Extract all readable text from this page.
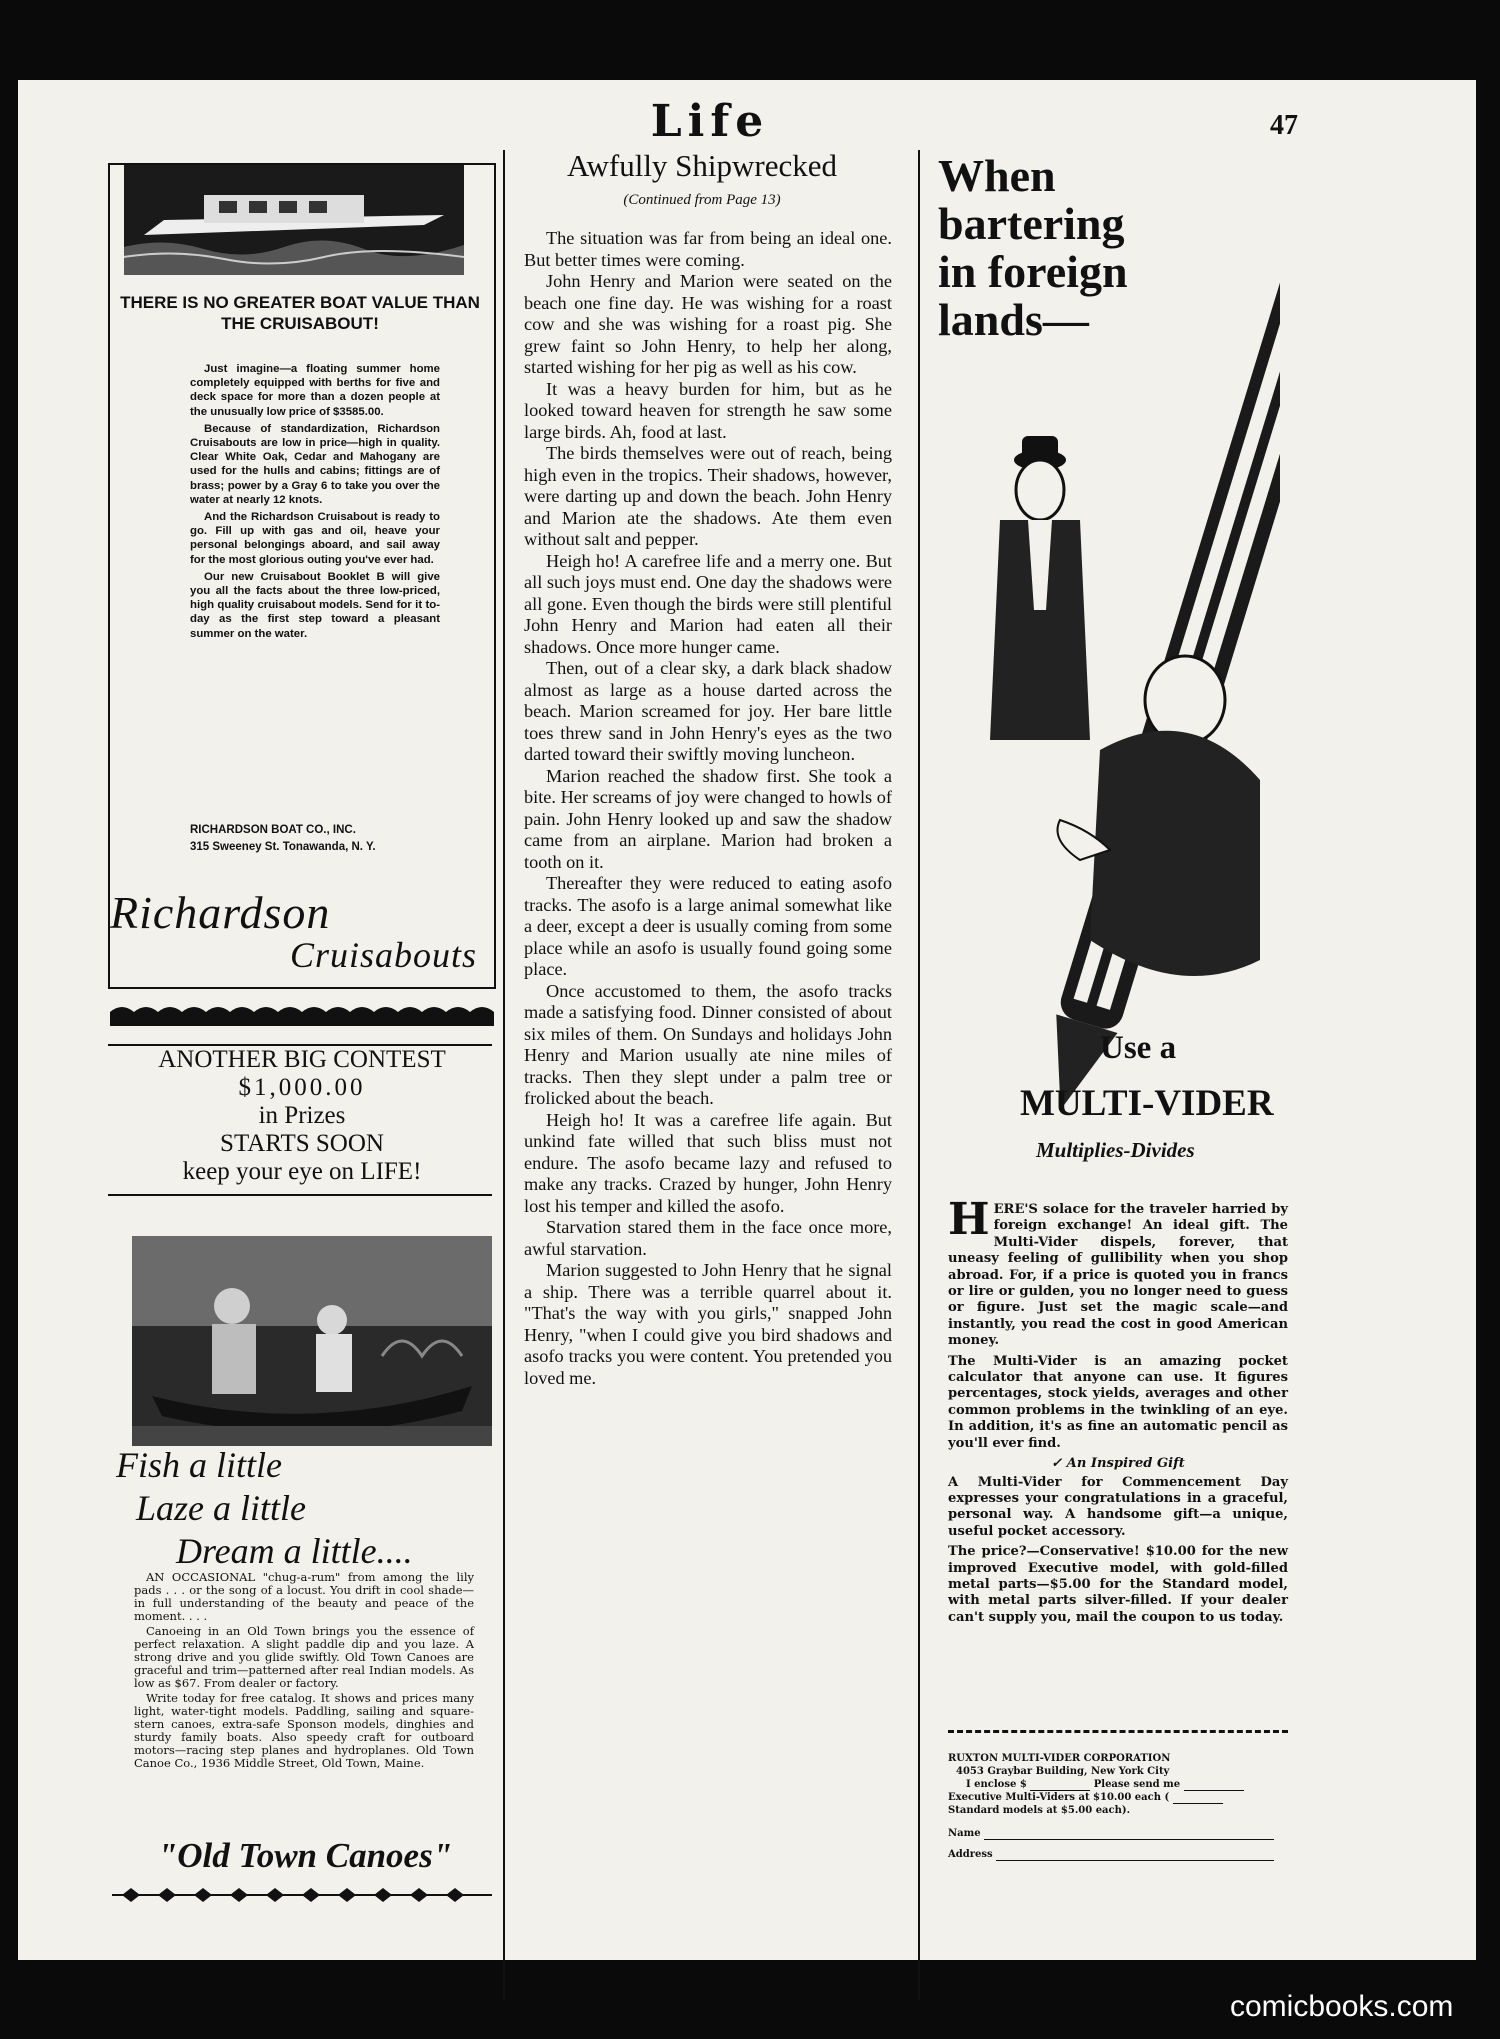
Life	47
THERE IS NO GREATER BOAT VALUE THAN THE CRUISABOUT!

Just imagine—a floating summer home completely equipped with berths for five and deck space for more than a dozen people at the unusually low price of $3585.00.

Because of standardization, Richardson Cruisabouts are low in price—high in quality. Clear White Oak, Cedar and Mahogany are used for the hulls and cabins; fittings are of brass; power by a Gray 6 to take you over the water at nearly 12 knots.

And the Richardson Cruisabout is ready to go. Fill up with gas and oil, heave your personal belongings aboard, and sail away for the most glorious outing you've ever had.

Our new Cruisabout Booklet B will give you all the facts about the three low-priced, high quality cruisabout models. Send for it to-day as the first step toward a pleasant summer on the water.

RICHARDSON BOAT CO., INC.
315 Sweeney St. Tonawanda, N. Y.
Richardson
Cruisabouts
ANOTHER BIG CONTEST
$1,000.00
in Prizes
STARTS SOON
keep your eye on LIFE!
Fish a little
Laze a little
Dream a little....

AN OCCASIONAL "chug-a-rum" from among the lily pads . . . or the song of a locust. You drift in cool shade—in full understanding of the beauty and peace of the moment. . . .

Canoeing in an Old Town brings you the essence of perfect relaxation. A slight paddle dip and you laze. A strong drive and you glide swiftly. Old Town Canoes are graceful and trim—patterned after real Indian models. As low as $67. From dealer or factory.

Write today for free catalog. It shows and prices many light, water-tight models. Paddling, sailing and square-stern canoes, extra-safe Sponson models, dinghies and sturdy family boats. Also speedy craft for outboard motors—racing step planes and hydroplanes. Old Town Canoe Co., 1936 Middle Street, Old Town, Maine.

"Old Town Canoes"
Awfully Shipwrecked
(Continued from Page 13)

The situation was far from being an ideal one. But better times were coming.

John Henry and Marion were seated on the beach one fine day. He was wishing for a roast cow and she was wishing for a roast pig. She grew faint so John Henry, to help her along, started wishing for her pig as well as his cow.

It was a heavy burden for him, but as he looked toward heaven for strength he saw some large birds. Ah, food at last.

The birds themselves were out of reach, being high even in the tropics. Their shadows, however, were darting up and down the beach. John Henry and Marion ate the shadows. Ate them even without salt and pepper.

Heigh ho! A carefree life and a merry one. But all such joys must end. One day the shadows were all gone. Even though the birds were still plentiful John Henry and Marion had eaten all their shadows. Once more hunger came.

Then, out of a clear sky, a dark black shadow almost as large as a house darted across the beach. Marion screamed for joy. Her bare little toes threw sand in John Henry's eyes as the two darted toward their swiftly moving luncheon.

Marion reached the shadow first. She took a bite. Her screams of joy were changed to howls of pain. John Henry looked up and saw the shadow came from an airplane. Marion had broken a tooth on it.

Thereafter they were reduced to eating asofo tracks. The asofo is a large animal somewhat like a deer, except a deer is usually coming from some place while an asofo is usually found going some place.

Once accustomed to them, the asofo tracks made a satisfying food. Dinner consisted of about six miles of them. On Sundays and holidays John Henry and Marion usually ate nine miles of tracks. Then they slept under a palm tree or frolicked about the beach.

Heigh ho! It was a carefree life again. But unkind fate willed that such bliss must not endure. The asofo became lazy and refused to make any tracks. Crazed by hunger, John Henry lost his temper and killed the asofo.

Starvation stared them in the face once more, awful starvation.

Marion suggested to John Henry that he signal a ship. There was a terrible quarrel about it. "That's the way with you girls," snapped John Henry, "when I could give you bird shadows and asofo tracks you were content. You pretended you loved me.

When
bartering
in foreign
lands—
Use a
MULTI-VIDER
Multiplies-Divides

HERE'S solace for the traveler harried by foreign exchange! An ideal gift. The Multi-Vider dispels, forever, that uneasy feeling of gullibility when you shop abroad. For, if a price is quoted you in francs or lire or gulden, you no longer need to guess or figure. Just set the magic scale—and instantly, you read the cost in good American money.

The Multi-Vider is an amazing pocket calculator that anyone can use. It figures percentages, stock yields, averages and other common problems in the twinkling of an eye. In addition, it's as fine an automatic pencil as you'll ever find.

✓ An Inspired Gift

A Multi-Vider for Commencement Day expresses your congratulations in a graceful, personal way. A handsome gift—a unique, useful pocket accessory.

The price?—Conservative! $10.00 for the new improved Executive model, with gold-filled metal parts—$5.00 for the Standard model, with metal parts silver-filled. If your dealer can't supply you, mail the coupon to us today.

RUXTON MULTI-VIDER CORPORATION
4053 Graybar Building, New York City
I enclose $	Please send me
Executive Multi-Viders at $10.00 each (
Standard models at $5.00 each).
Name
Address
comicbooks.com
